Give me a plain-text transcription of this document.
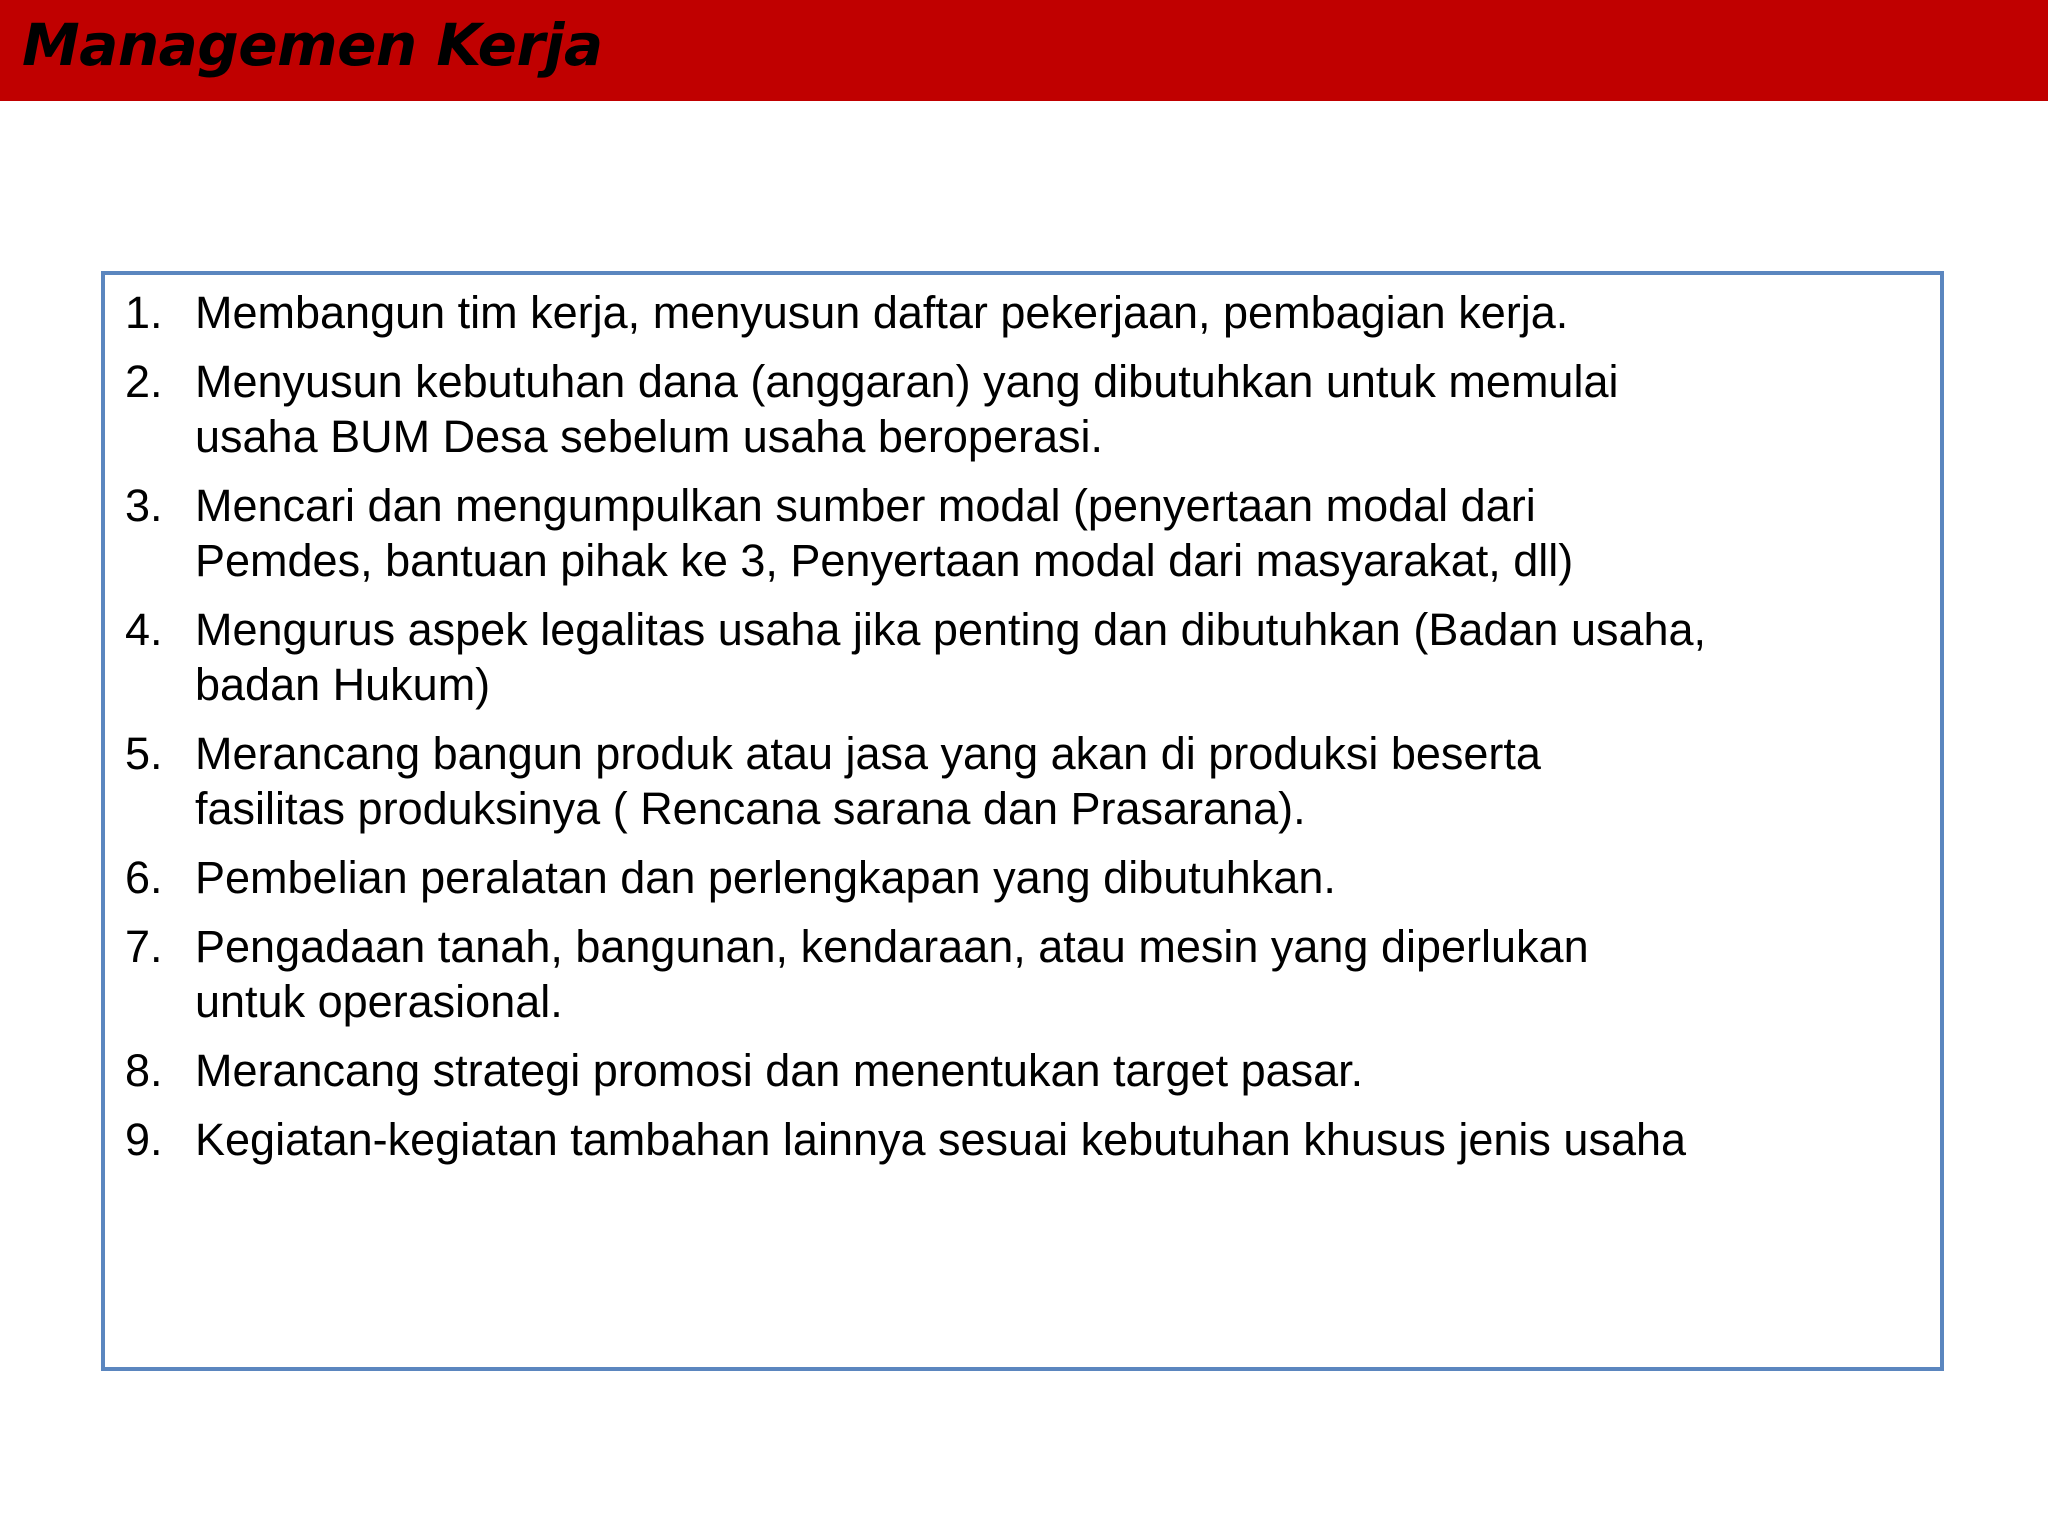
Managemen Kerja
1. Membangun tim kerja, menyusun daftar pekerjaan, pembagian kerja.
2. Menyusun kebutuhan dana (anggaran) yang dibutuhkan untuk memulai
usaha BUM Desa sebelum usaha beroperasi.
3. Mencari dan mengumpulkan sumber modal (penyertaan modal dari
Pemdes, bantuan pihak ke 3, Penyertaan modal dari masyarakat, dll)
4. Mengurus aspek legalitas usaha jika penting dan dibutuhkan (Badan usaha,
badan Hukum)
5. Merancang bangun produk atau jasa yang akan di produksi beserta
fasilitas produksinya ( Rencana sarana dan Prasarana).
6. Pembelian peralatan dan perlengkapan yang dibutuhkan.
7. Pengadaan tanah, bangunan, kendaraan, atau mesin yang diperlukan
untuk operasional.
8. Merancang strategi promosi dan menentukan target pasar.
9. Kegiatan-kegiatan tambahan lainnya sesuai kebutuhan khusus jenis usaha
